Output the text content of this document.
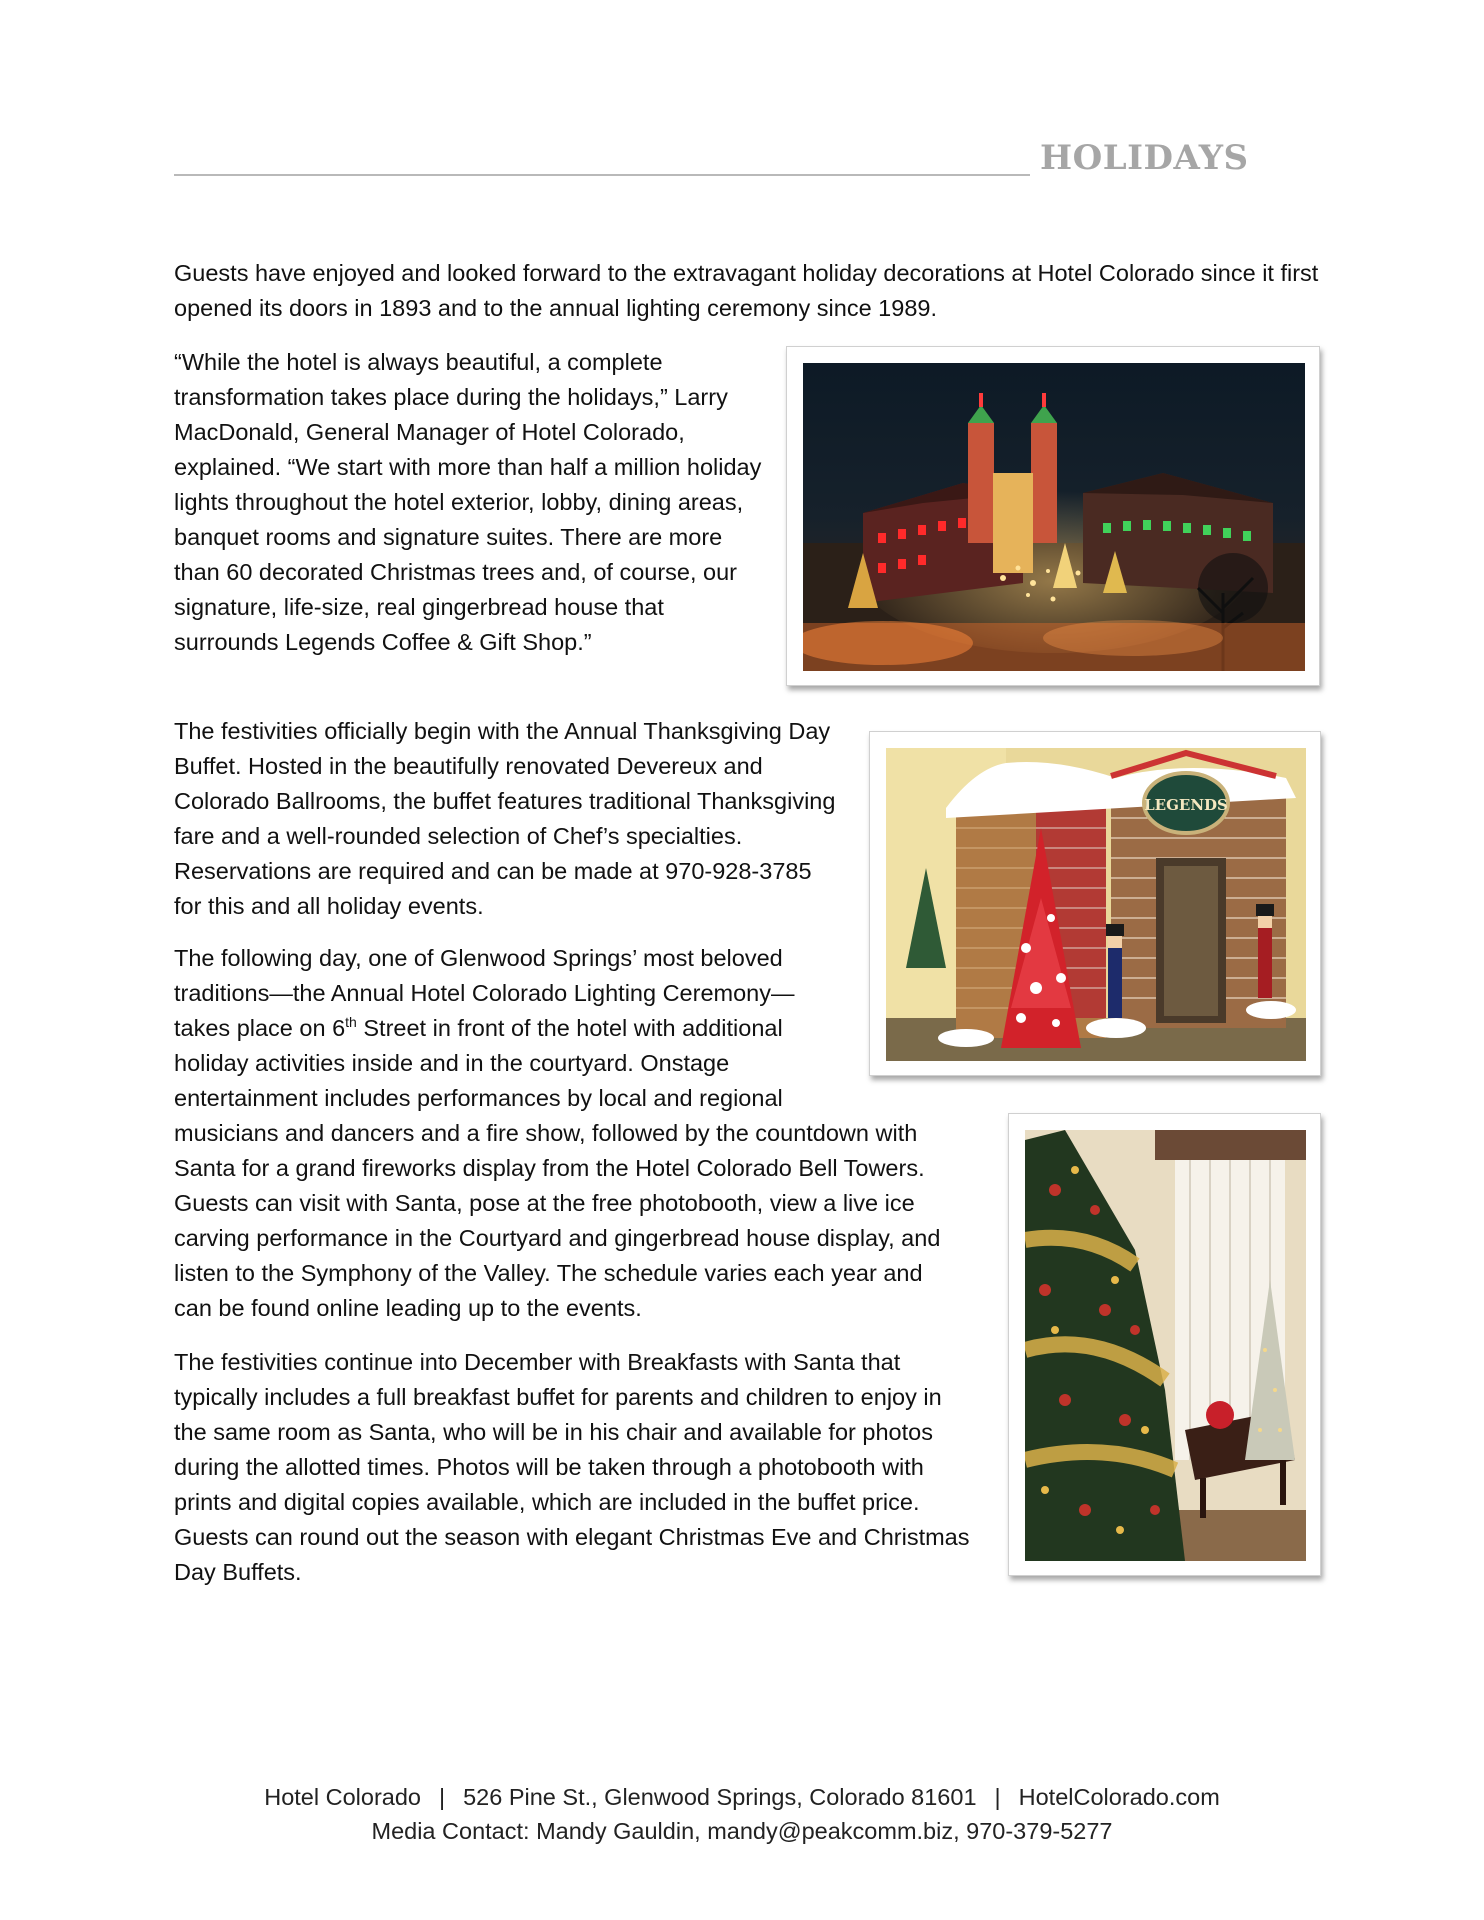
HOLIDAYS

Guests have enjoyed and looked forward to the extravagant holiday decorations at Hotel Colorado since it first opened its doors in 1893 and to the annual lighting ceremony since 1989.

“While the hotel is always beautiful, a complete transformation takes place during the holidays,” Larry MacDonald, General Manager of Hotel Colorado, explained. “We start with more than half a million holiday lights throughout the hotel exterior, lobby, dining areas, banquet rooms and signature suites. There are more than 60 decorated Christmas trees and, of course, our signature, life-size, real gingerbread house that surrounds Legends Coffee & Gift Shop.”

The festivities officially begin with the Annual Thanksgiving Day Buffet. Hosted in the beautifully renovated Devereux and Colorado Ballrooms, the buffet features traditional Thanksgiving fare and a well-rounded selection of Chef’s specialties. Reservations are required and can be made at 970-928-3785 for this and all holiday events.

The following day, one of Glenwood Springs’ most beloved traditions—the Annual Hotel Colorado Lighting Ceremony—takes place on 6th Street in front of the hotel with additional holiday activities inside and in the courtyard. Onstage entertainment includes performances by local and regional
musicians and dancers and a fire show, followed by the countdown with Santa for a grand fireworks display from the Hotel Colorado Bell Towers. Guests can visit with Santa, pose at the free photobooth, view a live ice carving performance in the Courtyard and gingerbread house display, and listen to the Symphony of the Valley. The schedule varies each year and can be found online leading up to the events.

The festivities continue into December with Breakfasts with Santa that typically includes a full breakfast buffet for parents and children to enjoy in the same room as Santa, who will be in his chair and available for photos during the allotted times. Photos will be taken through a photobooth with prints and digital copies available, which are included in the buffet price. Guests can round out the season with elegant Christmas Eve and Christmas Day Buffets.

LEGENDS
Hotel Colorado | 526 Pine St., Glenwood Springs, Colorado 81601 | HotelColorado.com
Media Contact: Mandy Gauldin, mandy@peakcomm.biz, 970-379-5277
